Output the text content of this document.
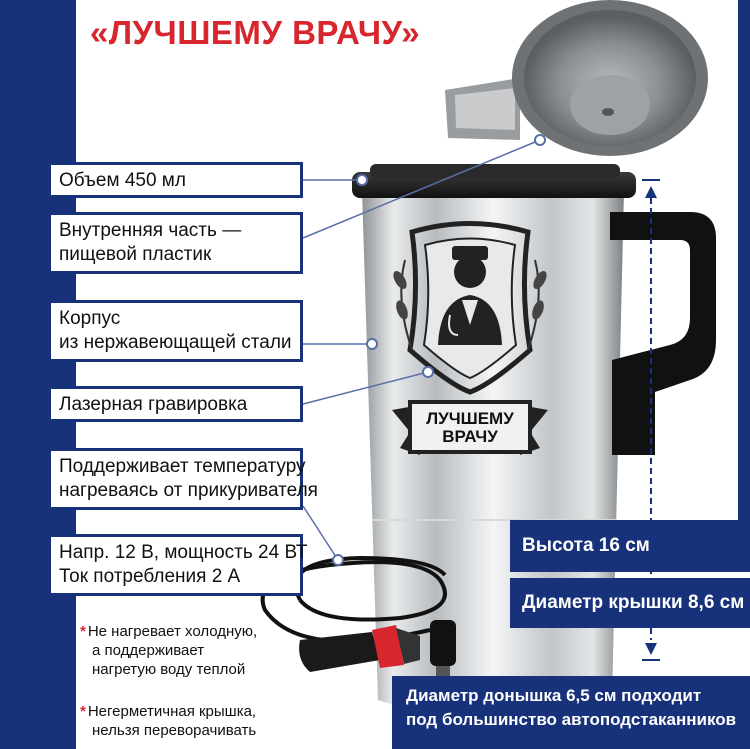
«ЛУЧШЕМУ ВРАЧУ»
ЛУЧШЕМУ
ВРАЧУ
Объем 450 мл
Внутренняя часть —
пищевой пластик
Корпус
из нержавеющащей стали
Лазерная гравировка
Поддерживает температуру
нагреваясь от прикуривателя
Напр. 12 В, мощность 24 ВТ
Ток потребления 2 А
* Не нагревает холодную,
а поддерживает
нагретую воду теплой
* Негерметичная крышка,
нельзя переворачивать
Высота 16 см
Диаметр крышки 8,6 см
Диаметр донышка 6,5 см подходит
под большинство автоподстаканников
